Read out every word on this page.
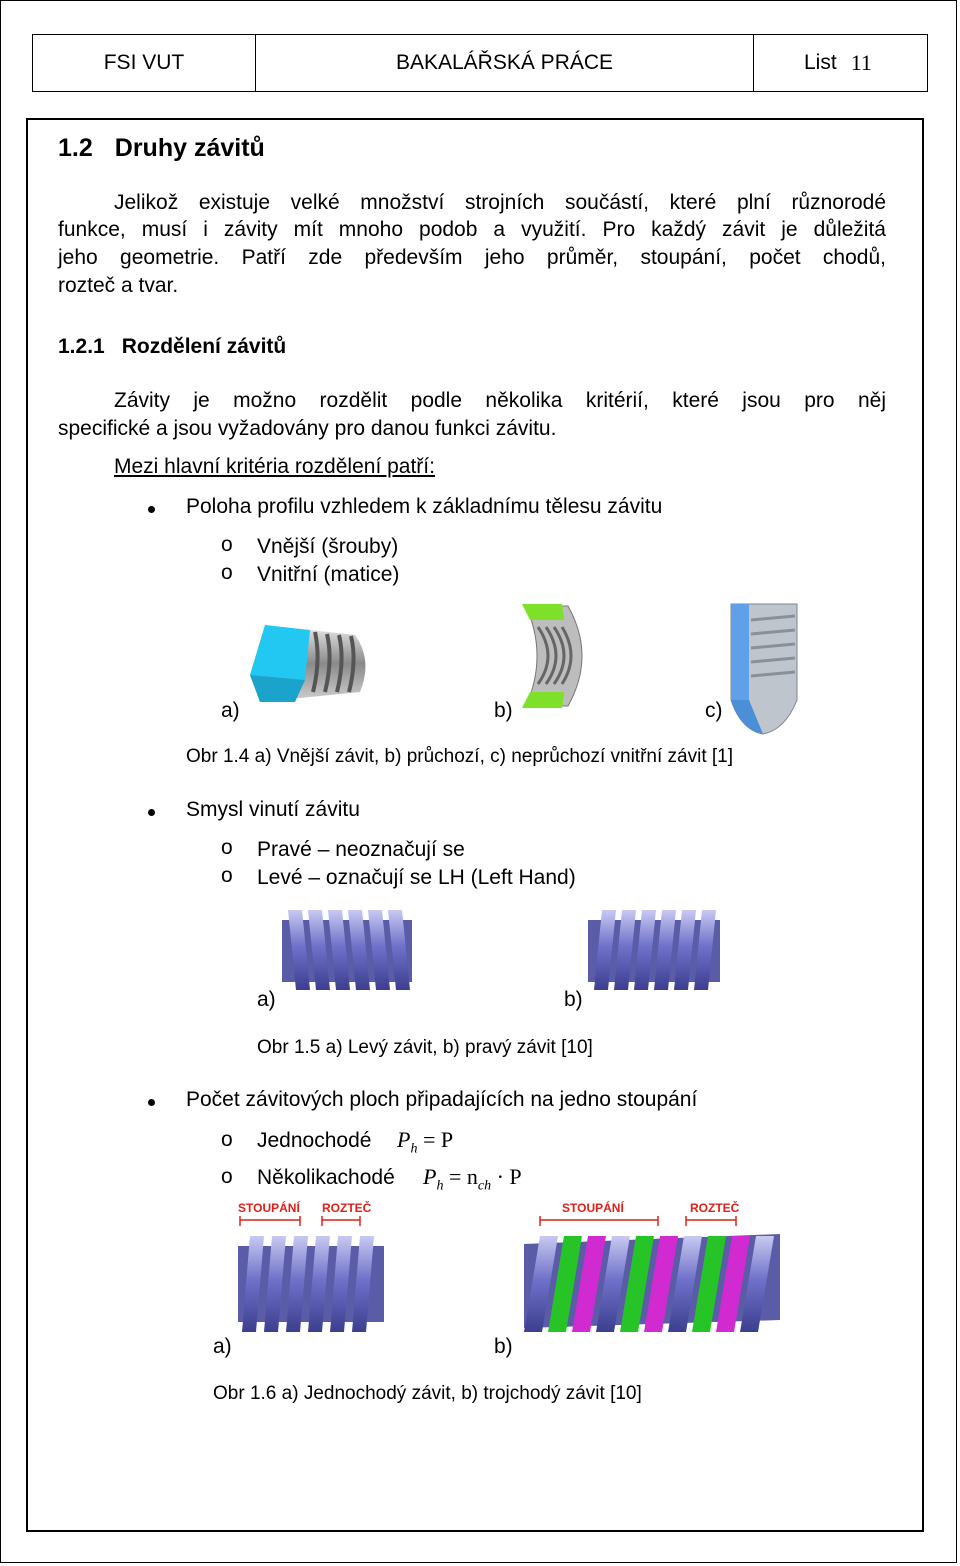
FSI VUT	BAKALÁŘSKÁ PRÁCE	List 11
1.2 Druhy závitů
Jelikož existuje velké množství strojních součástí, které plní různorodé
funkce, musí i závity mít mnoho podob a využití. Pro každý závit je důležitá
jeho geometrie. Patří zde především jeho průměr, stoupání, počet chodů,
rozteč a tvar.
1.2.1 Rozdělení závitů
Závity je možno rozdělit podle několika kritérií, které jsou pro něj
specifické a jsou vyžadovány pro danou funkci závitu.
Mezi hlavní kritéria rozdělení patří:
Poloha profilu vzhledem k základnímu tělesu závitu
o Vnější (šrouby)
o Vnitřní (matice)
a)	b)	c)
Obr 1.4 a) Vnější závit, b) průchozí, c) neprůchozí vnitřní závit [1]
Smysl vinutí závitu
o Pravé – neoznačují se
o Levé – označují se LH (Left Hand)
a)	b)
Obr 1.5 a) Levý závit, b) pravý závit [10]
Počet závitových ploch připadajících na jedno stoupání
o Jednochodé $P_h = P$
o Několikachodé $P_h = n_{ch} \cdot P$
STOUPÁNÍ ROZTEČ	STOUPÁNÍ	ROZTEČ
a)	b)
Obr 1.6 a) Jednochodý závit, b) trojchodý závit [10]
